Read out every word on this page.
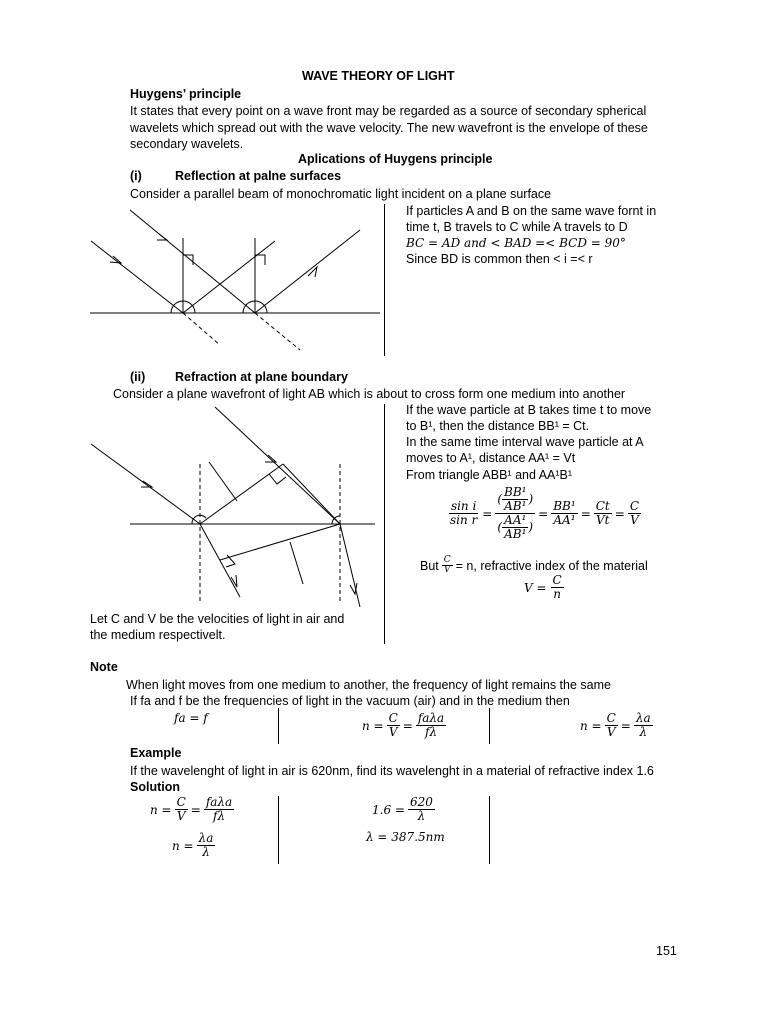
WAVE THEORY OF LIGHT
Huygens’ principle
It states that every point on a wave front may be regarded as a source of secondary spherical
wavelets which spread out with the wave velocity. The new wavefront is the envelope of these
secondary wavelets.
Aplications of Huygens principle
(i)	Reflection at palne surfaces
Consider a parallel beam of monochromatic light incident on a plane surface
If particles A and B on the same wave fornt in
time t, B travels to C while A travels to D
BC = AD and < BAD =< BCD = 90°
Since BD is common then < i =< r
(ii) Refraction at plane boundary
Consider a plane wavefront of light AB which is about to cross form one medium into another
If the wave particle at B takes time t to move
to B¹, then the distance BB¹ = Ct.
In the same time interval wave particle at A
moves to A¹, distance AA¹ = Vt
From triangle ABB¹ and AA¹B¹
$\frac{\text{sin i}}{\text{sin r}} = \frac{( \frac{\text{BB¹}}{\text{AB¹}} )}{( \frac{\text{AA¹}}{\text{AB¹}} )} = \frac{\text{BB¹}}{\text{AA¹}} = \frac{Ct}{Vt} = \frac{C}{V}$
But $\frac{C}{V} = n$, refractive index of the material
$V = \frac{C}{n}$
Let C and V be the velocities of light in air and
the medium respectivelt.
Note
When light moves from one medium to another, the frequency of light remains the same
If fa and f be the frequencies of light in the vacuum (air) and in the medium then
fa = f
$n = \frac{C}{V} = \frac{\text{faλa}}{f\lambda}$	$n = \frac{C}{V} = \frac{\lambda a}{\lambda}$
Example
If the wavelenght of light in air is 620nm, find its wavelenght in a material of refractive index 1.6
Solution
$n = \frac{C}{V} = \frac{\text{faλa}}{f\lambda}$
$n = \frac{\lambda a}{\lambda}$
$1.6 = \frac{620}{\lambda}$
λ = 387.5nm
151
